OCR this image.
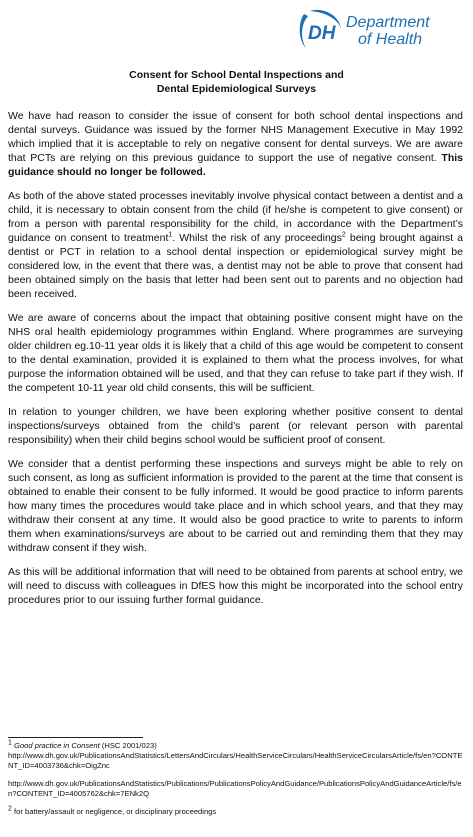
DH
Department
of Health
Consent for School Dental Inspections and
Dental Epidemiological Surveys

We have had reason to consider the issue of consent for both school dental inspections and dental surveys. Guidance was issued by the former NHS Management Executive in May 1992 which implied that it is acceptable to rely on negative consent for dental surveys. We are aware that PCTs are relying on this previous guidance to support the use of negative consent. This guidance should no longer be followed.

As both of the above stated processes inevitably involve physical contact between a dentist and a child, it is necessary to obtain consent from the child (if he/she is competent to give consent) or from a person with parental responsibility for the child, in accordance with the Department’s guidance on consent to treatment$^1$. Whilst the risk of any proceedings$^2$ being brought against a dentist or PCT in relation to a school dental inspection or epidemiological survey might be considered low, in the event that there was, a dentist may not be able to prove that consent had been obtained simply on the basis that letter had been sent out to parents and no objection had been received.

We are aware of concerns about the impact that obtaining positive consent might have on the NHS oral health epidemiology programmes within England. Where programmes are surveying older children eg.10-11 year olds it is likely that a child of this age would be competent to consent to the dental examination, provided it is explained to them what the process involves, for what purpose the information obtained will be used, and that they can refuse to take part if they wish. If the competent 10-11 year old child consents, this will be sufficient.

In relation to younger children, we have been exploring whether positive consent to dental inspections/surveys obtained from the child’s parent (or relevant person with parental responsibility) when their child begins school would be sufficient proof of consent.

We consider that a dentist performing these inspections and surveys might be able to rely on such consent, as long as sufficient information is provided to the parent at the time that consent is obtained to enable their consent to be fully informed. It would be good practice to inform parents how many times the procedures would take place and in which school years, and that they may withdraw their consent at any time. It would also be good practice to write to parents to inform them when examinations/surveys are about to be carried out and reminding them that they may withdraw consent if they wish.

As this will be additional information that will need to be obtained from parents at school entry, we will need to discuss with colleagues in DfES how this might be incorporated into the school entry procedures prior to our issuing further formal guidance.

$^1$ Good practice in Consent (HSC 2001/023)
http://www.dh.gov.uk/PublicationsAndStatistics/LettersAndCirculars/HealthServiceCirculars/HealthServiceCircularsArticle/fs/en?CONTENT_ID=4003736&chk=OigZnc
http://www.dh.gov.uk/PublicationsAndStatistics/Publications/PublicationsPolicyAndGuidance/PublicationsPolicyAndGuidanceArticle/fs/en?CONTENT_ID=4005762&chk=7ENk2Q
$^2$ for battery/assault or negligence, or disciplinary proceedings
